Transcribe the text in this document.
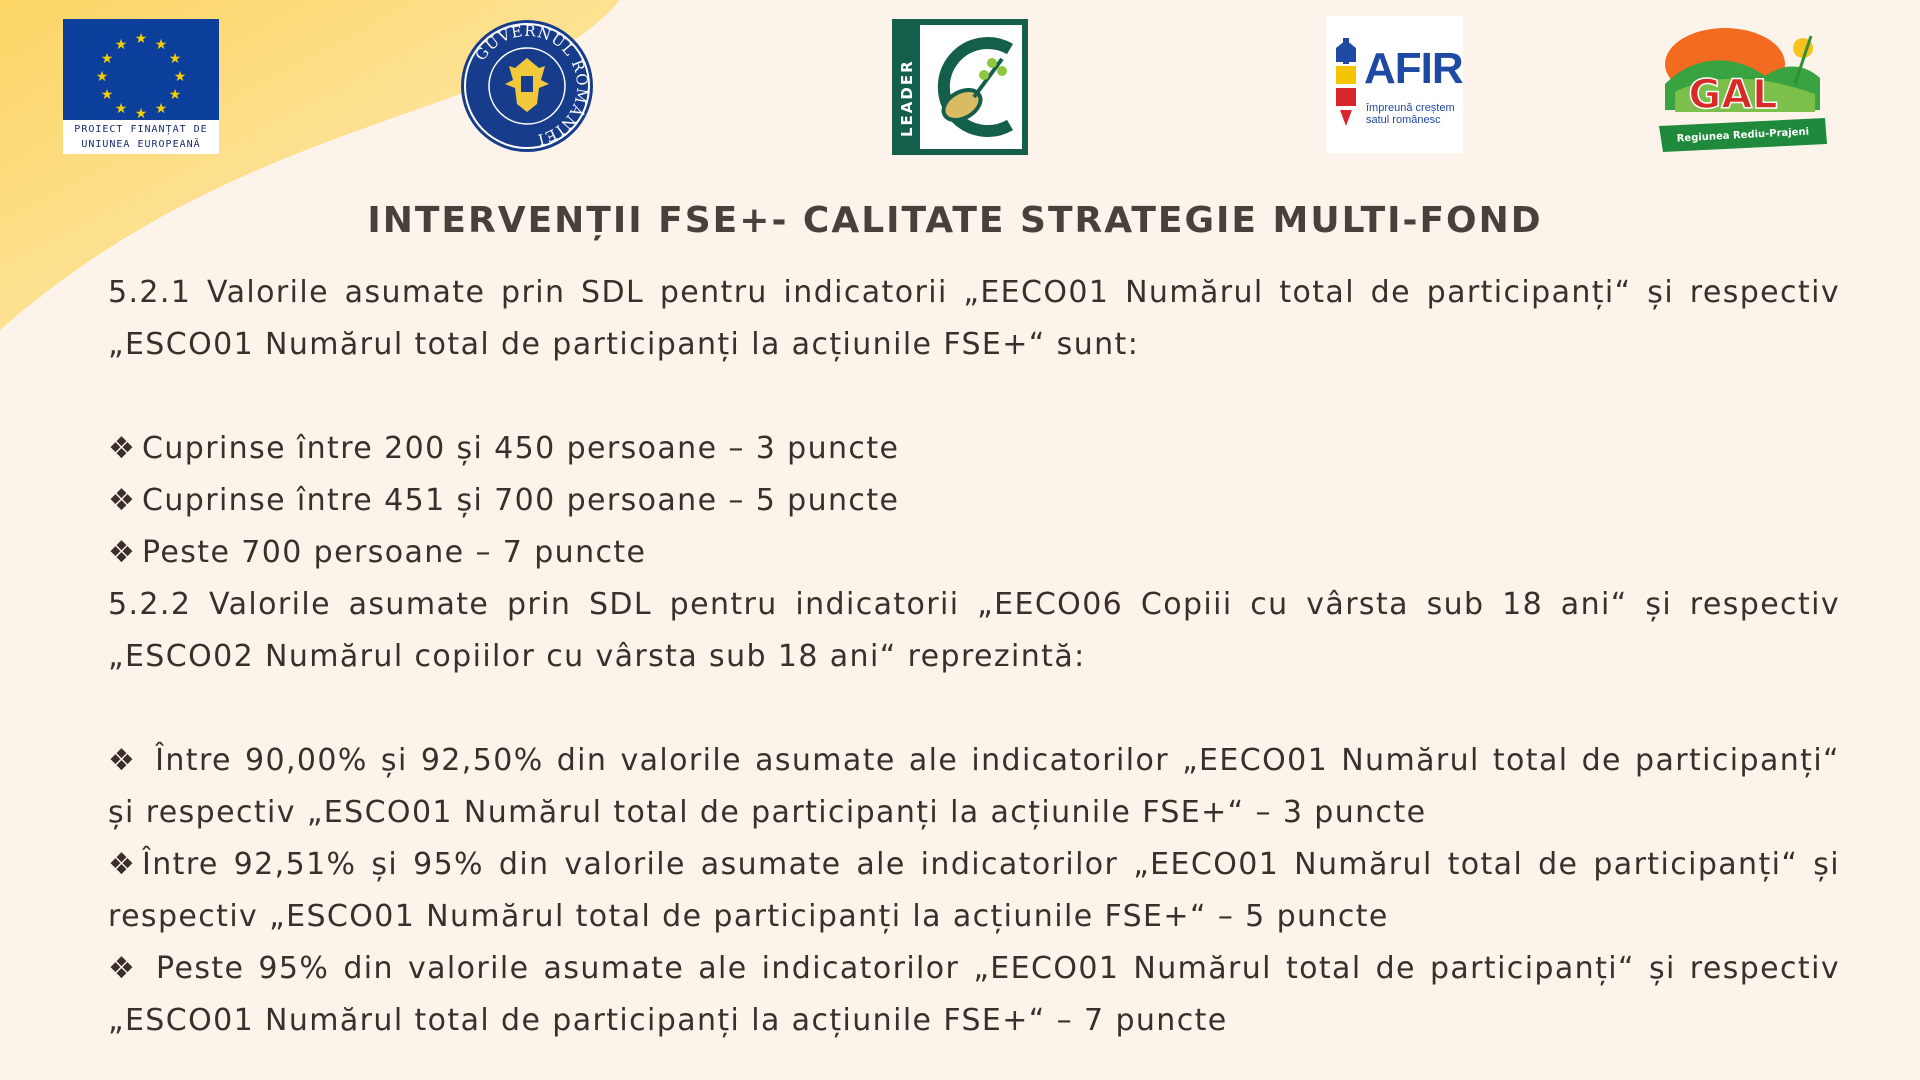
★ ★
★
★
★
★
★
★
★
★
★
★
PROIECT FINANȚAT DE
UNIUNEA EUROPEANĂ
GUVERNUL ROMÂNIEI
LEADER	AFIR
împreună creștem
satul românesc
GAL
Regiunea Rediu-Prajeni
INTERVENȚII FSE+- CALITATE STRATEGIE MULTI-FOND

5.2.1 Valorile asumate prin SDL pentru indicatorii „EECO01 Numărul total de participanți“ și respectiv „ESCO01 Numărul total de participanți la acțiunile FSE+“ sunt:

❖ Cuprinse între 200 și 450 persoane – 3 puncte

❖ Cuprinse între 451 și 700 persoane – 5 puncte

❖ Peste 700 persoane – 7 puncte

5.2.2 Valorile asumate prin SDL pentru indicatorii „EECO06 Copiii cu vârsta sub 18 ani“ și respectiv „ESCO02 Numărul copiilor cu vârsta sub 18 ani“ reprezintă:

❖ Între 90,00% și 92,50% din valorile asumate ale indicatorilor „EECO01 Numărul total de participanți“ și respectiv „ESCO01 Numărul total de participanți la acțiunile FSE+“ – 3 puncte

❖ Între 92,51% și 95% din valorile asumate ale indicatorilor „EECO01 Numărul total de participanți“ și respectiv „ESCO01 Numărul total de participanți la acțiunile FSE+“ – 5 puncte

❖ Peste 95% din valorile asumate ale indicatorilor „EECO01 Numărul total de participanți“ și respectiv „ESCO01 Numărul total de participanți la acțiunile FSE+“ – 7 puncte
